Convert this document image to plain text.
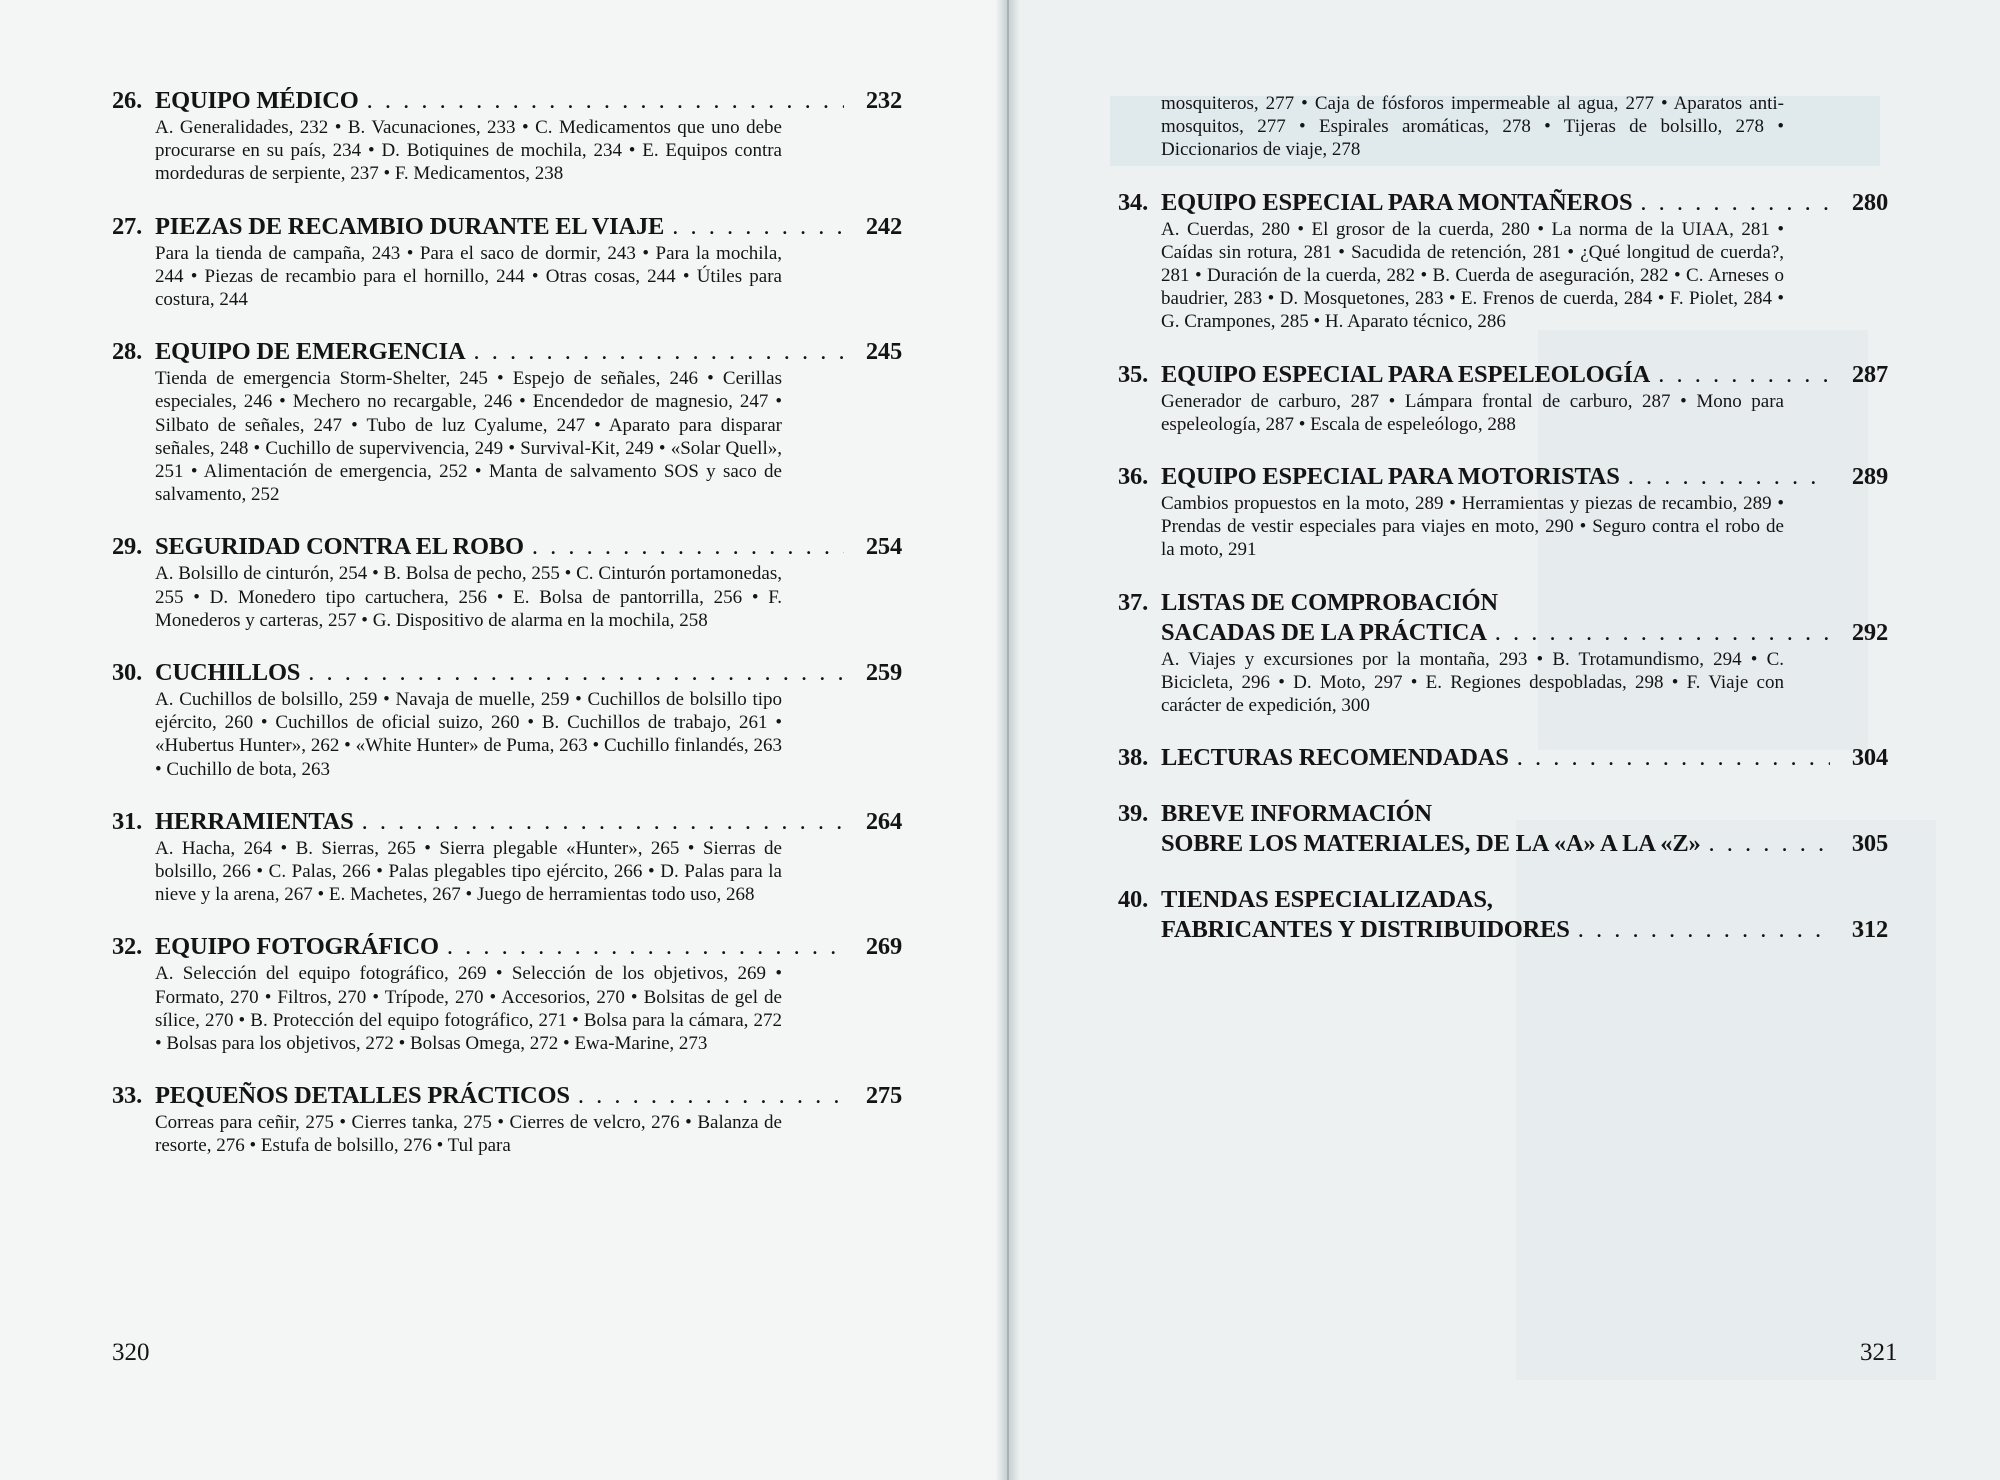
26. EQUIPO MÉDICO . . .	232

A. Generalidades, 232 • B. Vacunaciones, 233 • C. Medicamentos que uno debe procurarse en su país, 234 • D. Botiquines de mochila, 234 • E. Equipos contra mordeduras de serpiente, 237 • F. Medicamentos, 238

27. PIEZAS DE RECAMBIO DURANTE EL VIAJE . . .	242

Para la tienda de campaña, 243 • Para el saco de dormir, 243 • Para la mochila, 244 • Piezas de recambio para el hornillo, 244 • Otras cosas, 244 • Útiles para costura, 244

28. EQUIPO DE EMERGENCIA . . .	245

Tienda de emergencia Storm-Shelter, 245 • Espejo de señales, 246 • Cerillas especiales, 246 • Mechero no recargable, 246 • Encendedor de magnesio, 247 • Silbato de señales, 247 • Tubo de luz Cyalume, 247 • Aparato para disparar señales, 248 • Cuchillo de supervivencia, 249 • Survival-Kit, 249 • «Solar Quell», 251 • Alimentación de emergencia, 252 • Manta de salvamento SOS y saco de salvamento, 252

29. SEGURIDAD CONTRA EL ROBO . . .	254

A. Bolsillo de cinturón, 254 • B. Bolsa de pecho, 255 • C. Cinturón portamonedas, 255 • D. Monedero tipo cartuchera, 256 • E. Bolsa de pantorrilla, 256 • F. Monederos y carteras, 257 • G. Dispositivo de alarma en la mochila, 258

30. CUCHILLOS . . .	259

A. Cuchillos de bolsillo, 259 • Navaja de muelle, 259 • Cuchillos de bolsillo tipo ejército, 260 • Cuchillos de oficial suizo, 260 • B. Cuchillos de trabajo, 261 • «Hubertus Hunter», 262 • «White Hunter» de Puma, 263 • Cuchillo finlandés, 263 • Cuchillo de bota, 263

31. HERRAMIENTAS . . .	264

A. Hacha, 264 • B. Sierras, 265 • Sierra plegable «Hunter», 265 • Sierras de bolsillo, 266 • C. Palas, 266 • Palas plegables tipo ejército, 266 • D. Palas para la nieve y la arena, 267 • E. Machetes, 267 • Juego de herramientas todo uso, 268

32. EQUIPO FOTOGRÁFICO . . .	269

A. Selección del equipo fotográfico, 269 • Selección de los objetivos, 269 • Formato, 270 • Filtros, 270 • Trípode, 270 • Accesorios, 270 • Bolsitas de gel de sílice, 270 • B. Protección del equipo fotográfico, 271 • Bolsa para la cámara, 272 • Bolsas para los objetivos, 272 • Bolsas Omega, 272 • Ewa-Marine, 273

33. PEQUEÑOS DETALLES PRÁCTICOS . . .	275

Correas para ceñir, 275 • Cierres tanka, 275 • Cierres de velcro, 276 • Balanza de resorte, 276 • Estufa de bolsillo, 276 • Tul para

320

mosquiteros, 277 • Caja de fósforos impermeable al agua, 277 • Aparatos anti-mosquitos, 277 • Espirales aromáticas, 278 • Tijeras de bolsillo, 278 • Diccionarios de viaje, 278

34. EQUIPO ESPECIAL PARA MONTAÑEROS . . .	280

A. Cuerdas, 280 • El grosor de la cuerda, 280 • La norma de la UIAA, 281 • Caídas sin rotura, 281 • Sacudida de retención, 281 • ¿Qué longitud de cuerda?, 281 • Duración de la cuerda, 282 • B. Cuerda de aseguración, 282 • C. Arneses o baudrier, 283 • D. Mosquetones, 283 • E. Frenos de cuerda, 284 • F. Piolet, 284 • G. Crampones, 285 • H. Aparato técnico, 286

35. EQUIPO ESPECIAL PARA ESPELEOLOGÍA . . .	287

Generador de carburo, 287 • Lámpara frontal de carburo, 287 • Mono para espeleología, 287 • Escala de espeleólogo, 288

36. EQUIPO ESPECIAL PARA MOTORISTAS . . .	289

Cambios propuestos en la moto, 289 • Herramientas y piezas de recambio, 289 • Prendas de vestir especiales para viajes en moto, 290 • Seguro contra el robo de la moto, 291

37. LISTAS DE COMPROBACIÓN
SACADAS DE LA PRÁCTICA . . .	292

A. Viajes y excursiones por la montaña, 293 • B. Trotamundismo, 294 • C. Bicicleta, 296 • D. Moto, 297 • E. Regiones despobladas, 298 • F. Viaje con carácter de expedición, 300

38. LECTURAS RECOMENDADAS . . .	304
39. BREVE INFORMACIÓN
SOBRE LOS MATERIALES, DE LA «A» A LA «Z» . . .	305
40. TIENDAS ESPECIALIZADAS,
FABRICANTES Y DISTRIBUIDORES . . .	312
321
